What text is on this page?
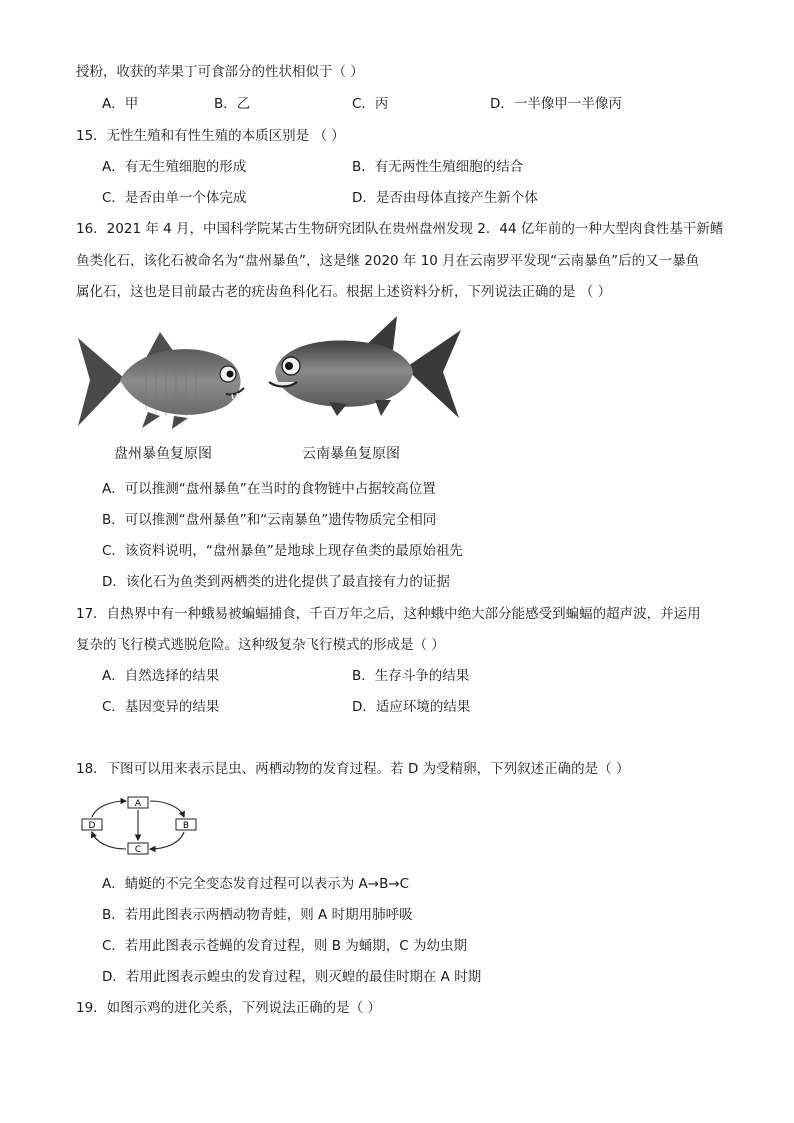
授粉，收获的苹果丁可食部分的性状相似于（ ）
A．甲	B．乙	C．丙	D．一半像甲一半像丙
15．无性生殖和有性生殖的本质区别是 （ ）
A．有无生殖细胞的形成	B．有无两性生殖细胞的结合
C．是否由单一个体完成	D．是否由母体直接产生新个体
16．2021 年 4 月，中国科学院某古生物研究团队在贵州盘州发现 2．44 亿年前的一种大型肉食性基干新鳍
鱼类化石，该化石被命名为“盘州暴鱼”，这是继 2020 年 10 月在云南罗平发现“云南暴鱼”后的又一暴鱼
属化石，这也是目前最古老的疣齿鱼科化石。根据上述资料分析，下列说法正确的是 （ ）
盘州暴鱼复原图	云南暴鱼复原图
A．可以推测“盘州暴鱼”在当时的食物链中占据较高位置
B．可以推测“盘州暴鱼”和“云南暴鱼”遗传物质完全相同
C．该资料说明，“盘州暴鱼”是地球上现存鱼类的最原始祖先
D．该化石为鱼类到两栖类的进化提供了最直接有力的证据
17．自热界中有一种蛾易被蝙蝠捕食，千百万年之后，这种蛾中绝大部分能感受到蝙蝠的超声波，并运用
复杂的飞行模式逃脱危险。这种级复杂飞行模式的形成是（ ）
A．自然选择的结果	B．生存斗争的结果
C．基因变异的结果	D．适应环境的结果
18．下图可以用来表示昆虫、两栖动物的发育过程。若 D 为受精卵，下列叙述正确的是（ ）
A
B
C
D
A．蜻蜓的不完全变态发育过程可以表示为 A→B→C
B．若用此图表示两栖动物青蛙，则 A 时期用肺呼吸
C．若用此图表示苍蝇的发育过程，则 B 为蛹期，C 为幼虫期
D．若用此图表示蝗虫的发育过程，则灭蝗的最佳时期在 A 时期
19．如图示鸡的进化关系，下列说法正确的是（ ）
